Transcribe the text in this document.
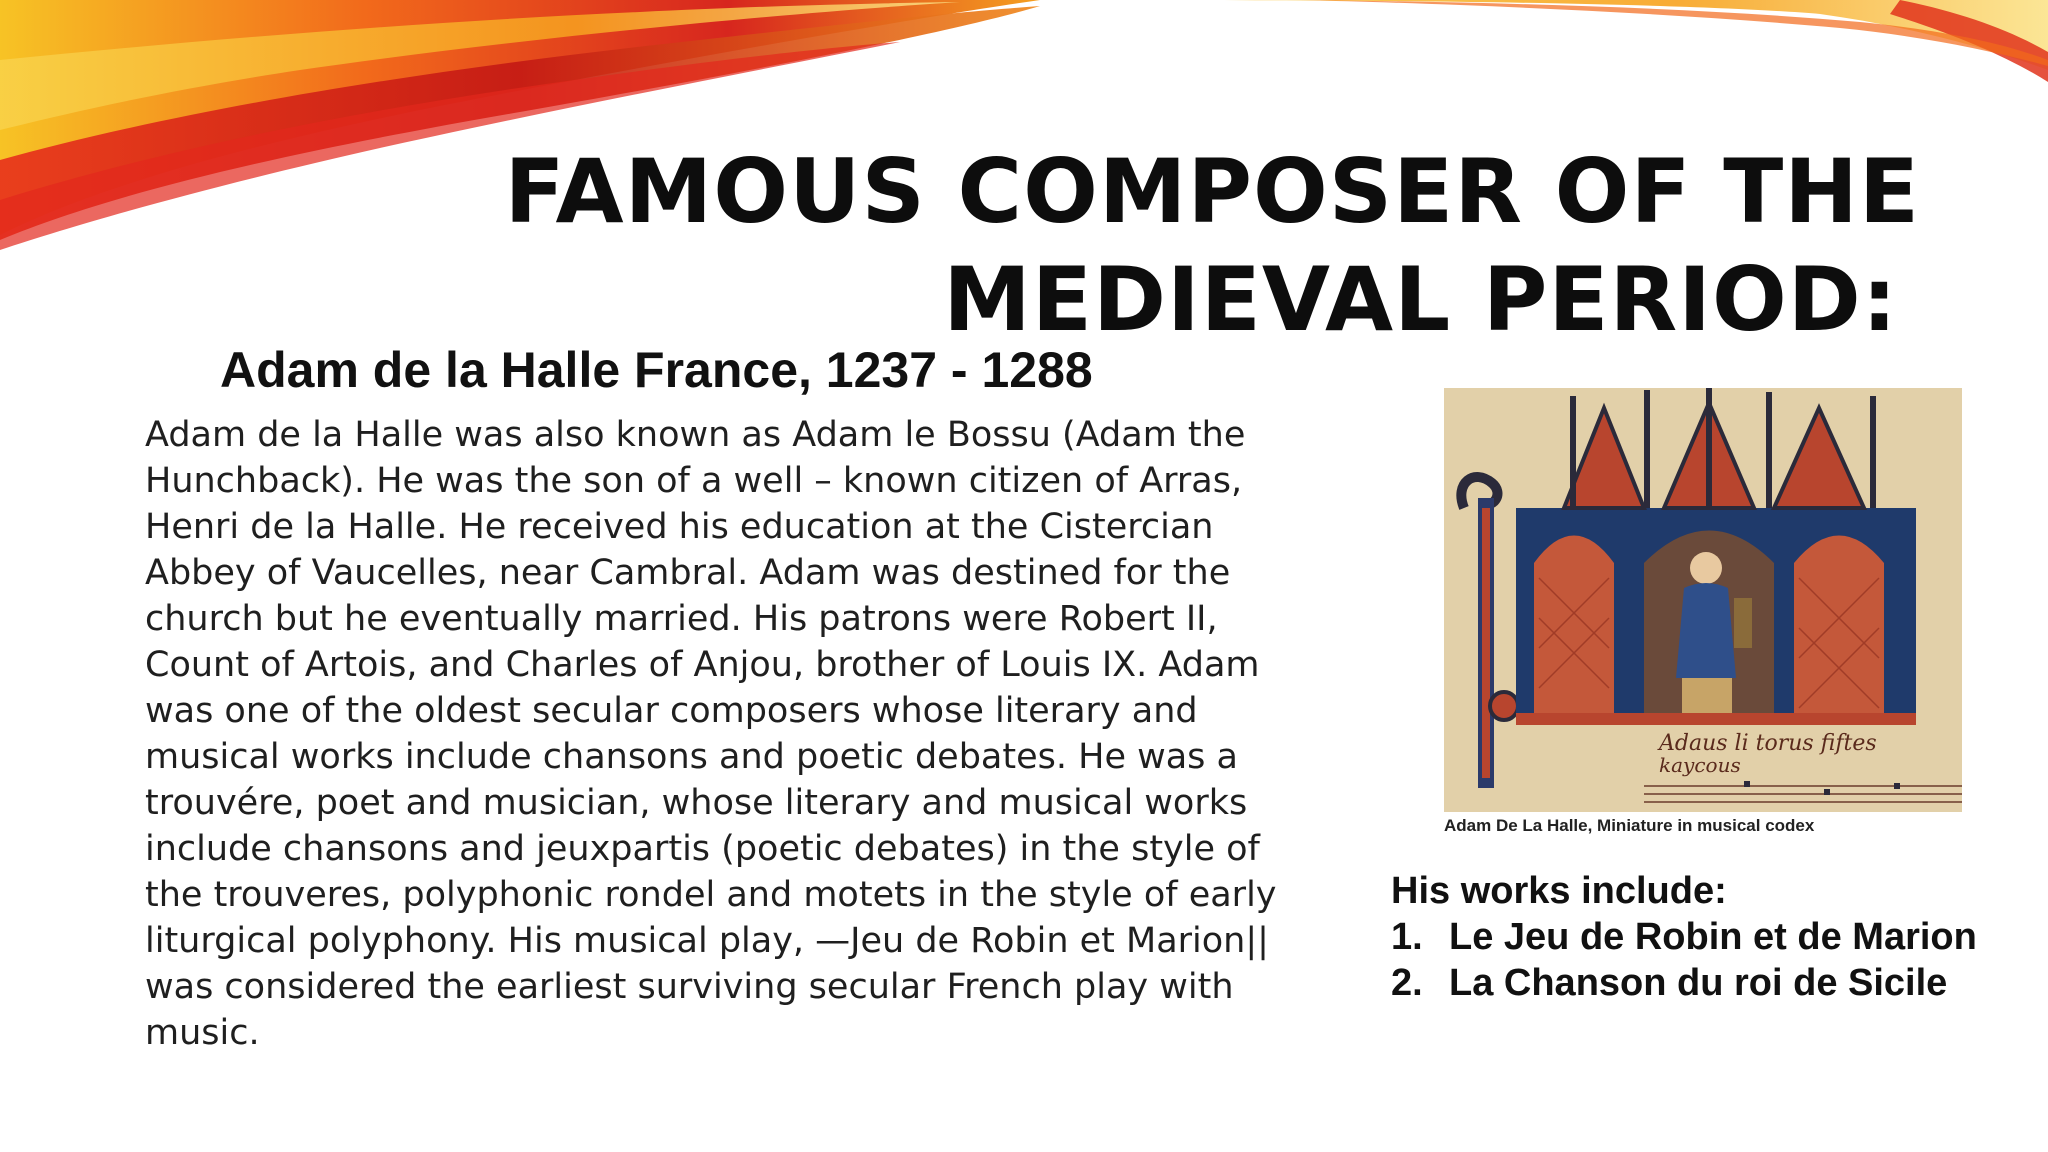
FAMOUS COMPOSER OF THE
MEDIEVAL PERIOD:
Adam de la Halle France, 1237 - 1288
Adam de la Halle was also known as Adam le Bossu (Adam the
Hunchback). He was the son of a well – known citizen of Arras,
Henri de la Halle. He received his education at the Cistercian
Abbey of Vaucelles, near Cambral. Adam was destined for the
church but he eventually married. His patrons were Robert II,
Count of Artois, and Charles of Anjou, brother of Louis IX. Adam
was one of the oldest secular composers whose literary and
musical works include chansons and poetic debates. He was a
trouvére, poet and musician, whose literary and musical works
include chansons and jeuxpartis (poetic debates) in the style of
the trouveres, polyphonic rondel and motets in the style of early
liturgical polyphony. His musical play, —Jeu de Robin et Marion||
was considered the earliest surviving secular French play with
music.
Adaus li torus fiftes
kaycous
Adam De La Halle, Miniature in musical codex
His works include:
1. Le Jeu de Robin et de Marion
2. La Chanson du roi de Sicile
